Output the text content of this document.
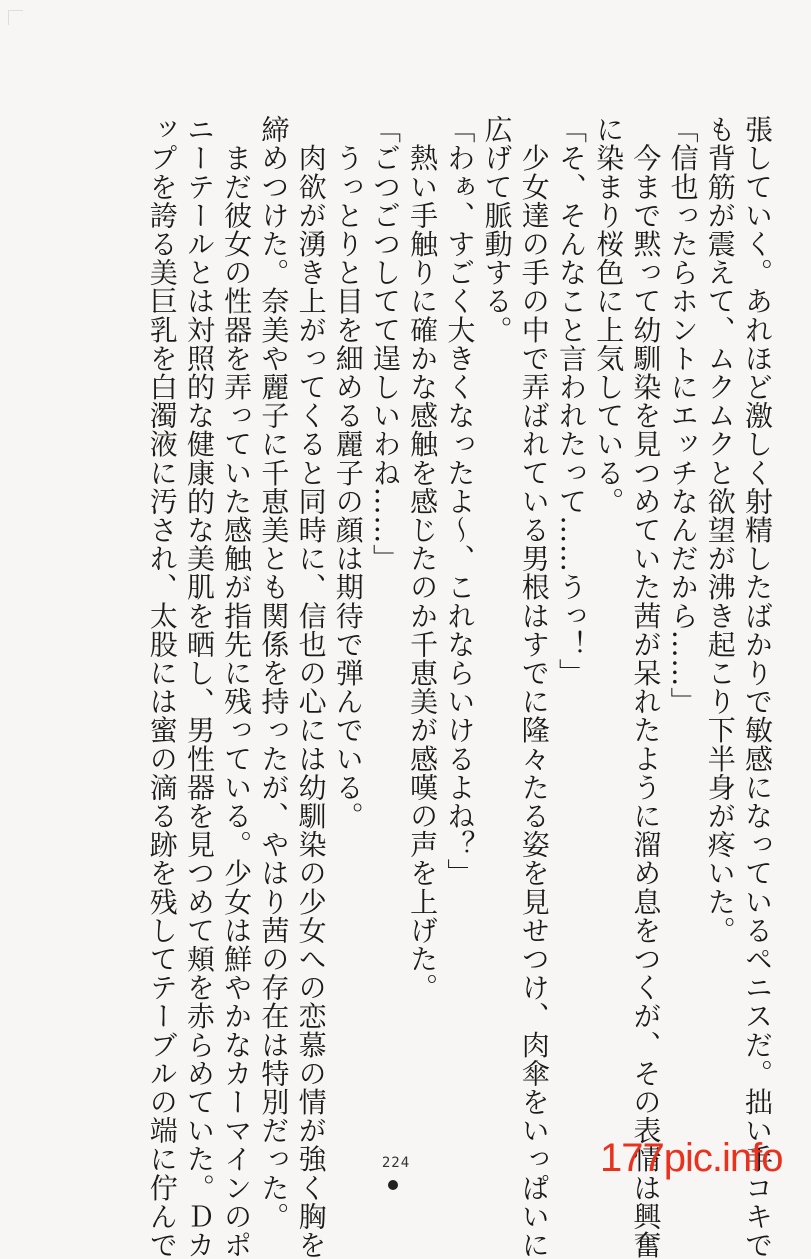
張していく。あれほど激しく射精したばかりで敏感になっているペニスだ。拙い手コキで
も背筋が震えて、ムクムクと欲望が沸き起こり下半身が疼いた。
「信也ったらホントにエッチなんだから……」
　今まで黙って幼馴染を見つめていた茜が呆れたように溜め息をつくが、その表情は興奮
に染まり桜色に上気している。
「そ、そんなこと言われたって……うっ！」
　少女達の手の中で弄ばれている男根はすでに隆々たる姿を見せつけ、肉傘をいっぱいに
広げて脈動する。
「わぁ、すごく大きくなったよ～、これならいけるよね？」
　熱い手触りに確かな感触を感じたのか千恵美が感嘆の声を上げた。
「ごつごつしてて逞しいわね……」
　うっとりと目を細める麗子の顔は期待で弾んでいる。
　肉欲が湧き上がってくると同時に、信也の心には幼馴染の少女への恋慕の情が強く胸を
締めつけた。奈美や麗子に千恵美とも関係を持ったが、やはり茜の存在は特別だった。
　まだ彼女の性器を弄っていた感触が指先に残っている。少女は鮮やかなカーマインのポ
ニーテールとは対照的な健康的な美肌を晒し、男性器を見つめて頬を赤らめていた。Ｄカ
ップを誇る美巨乳を白濁液に汚され、太股には蜜の滴る跡を残してテーブルの端に佇んで	224	177pic.info
